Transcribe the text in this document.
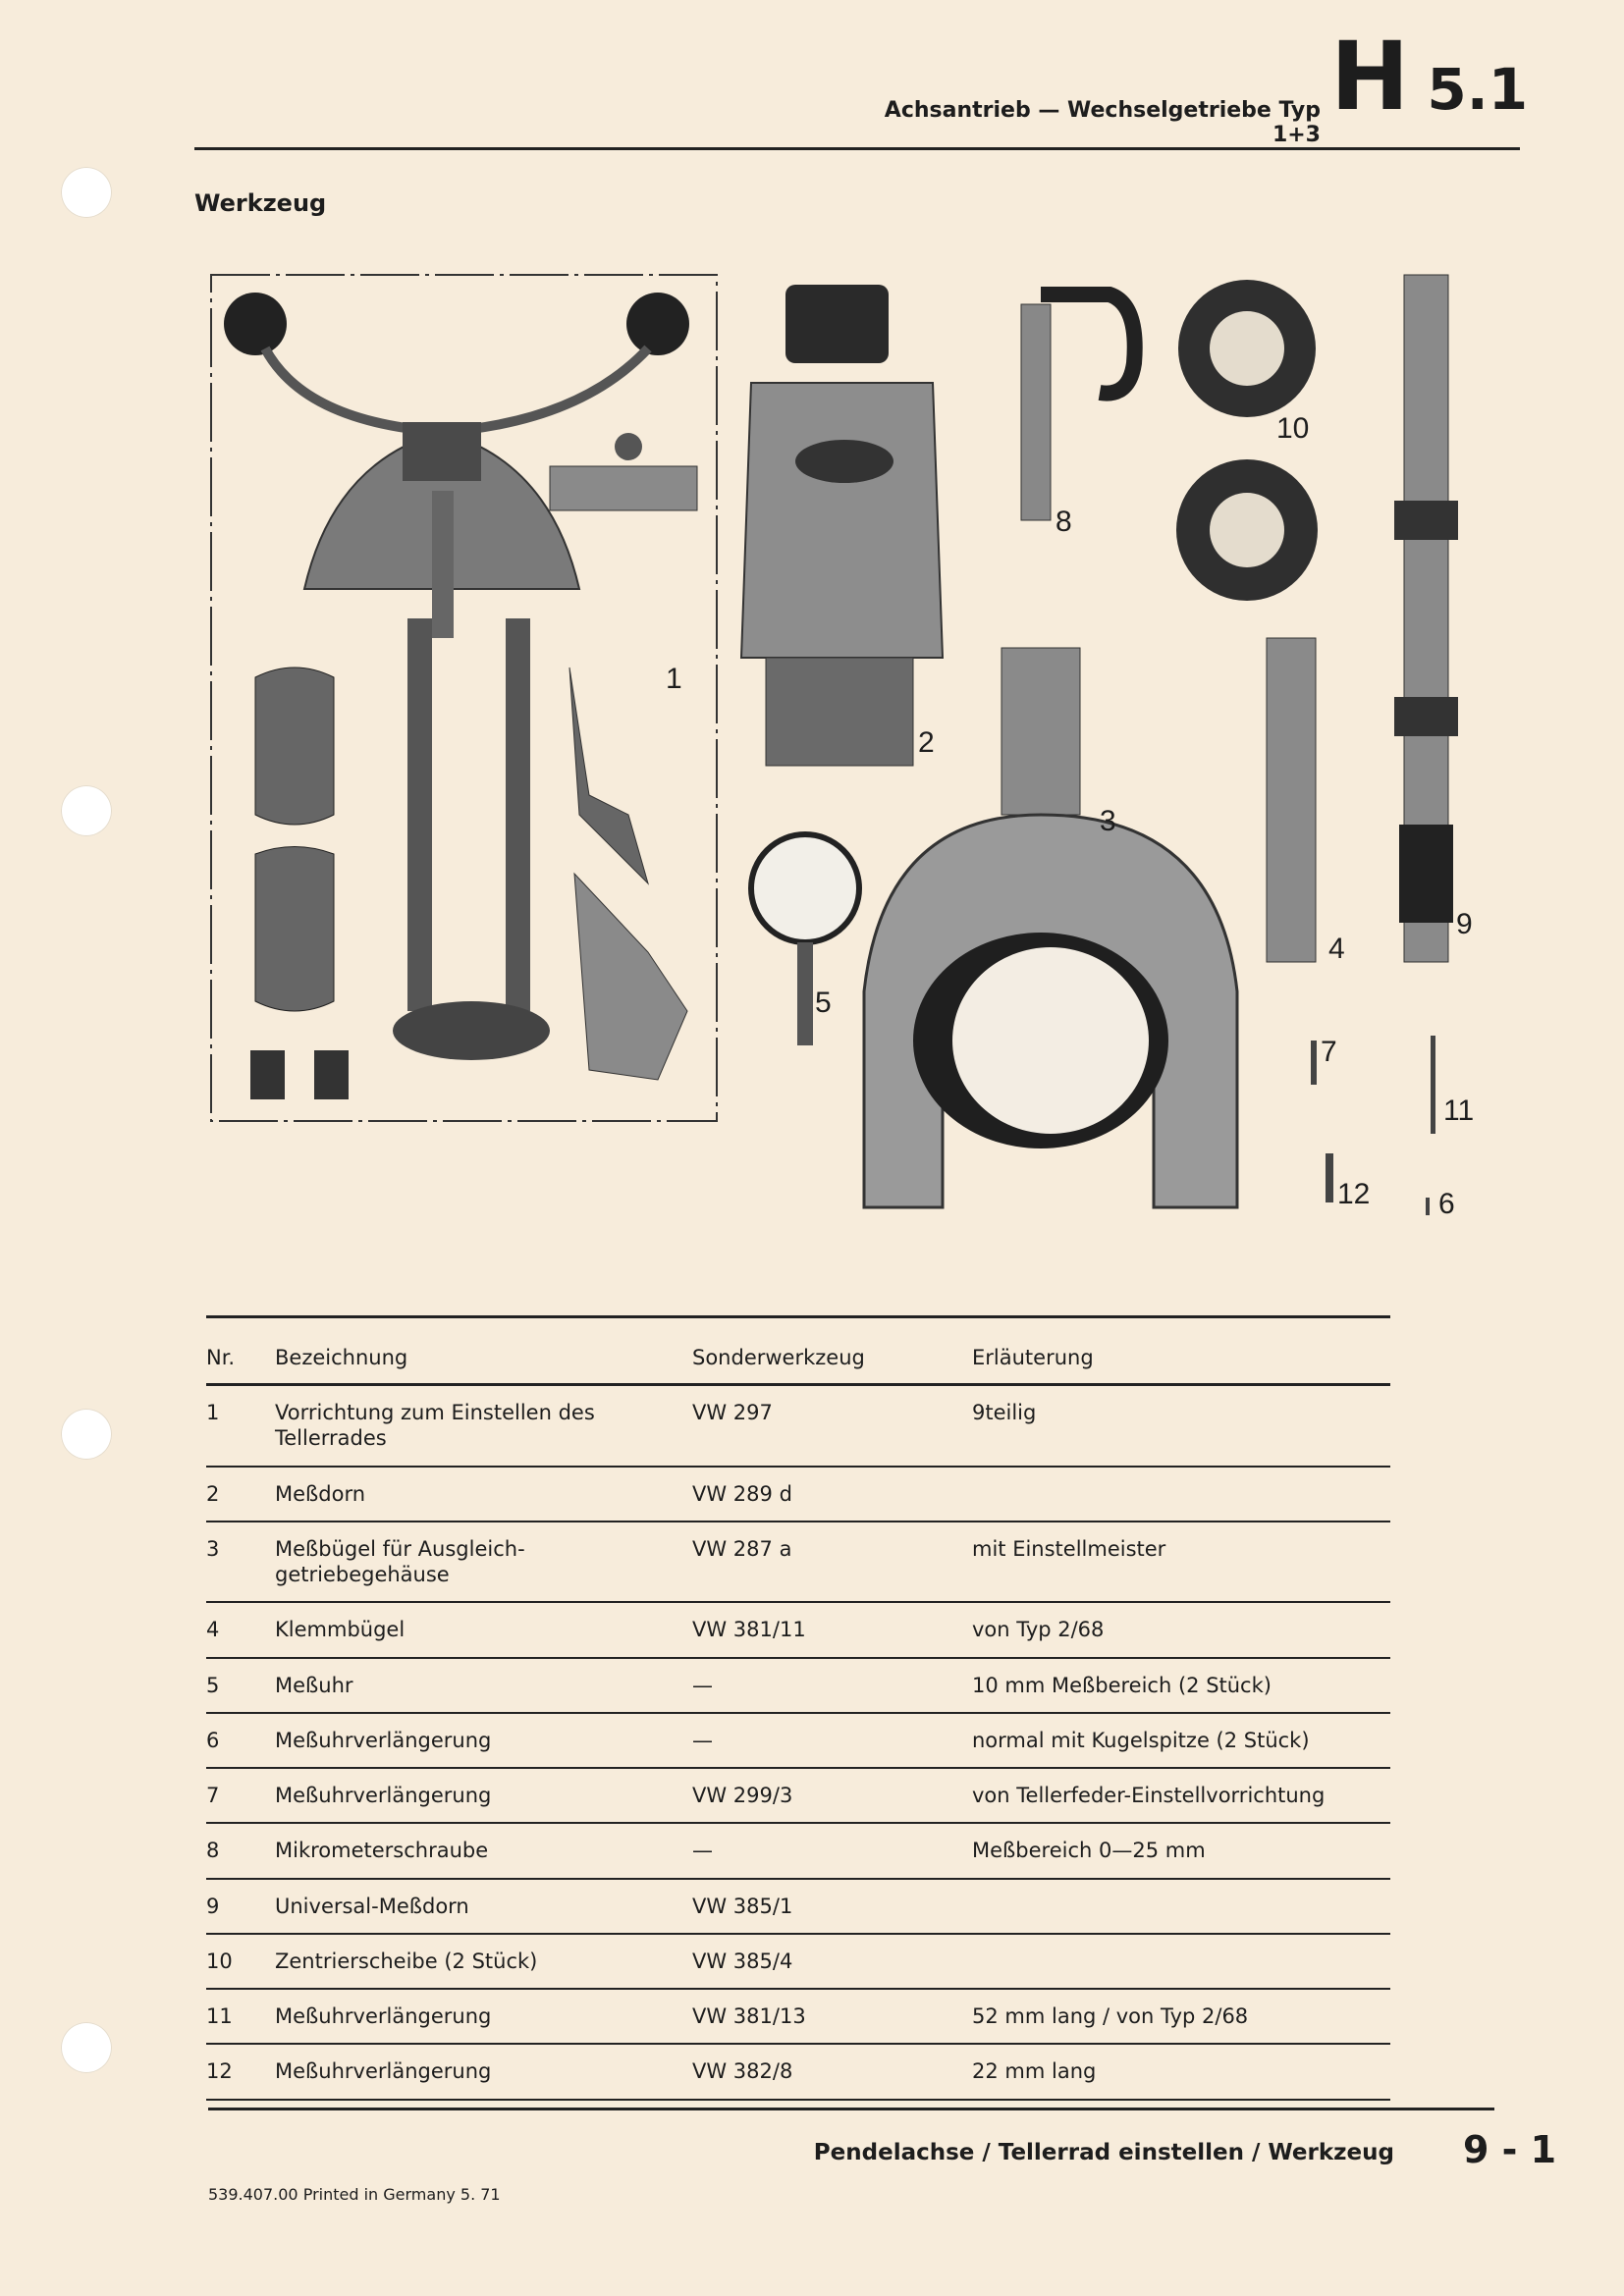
Achsantrieb — Wechselgetriebe Typ 1+3
H 5.1
Werkzeug
1
2
3
4
5
6
7
8
9
10
11
12
Nr.	Bezeichnung	Sonderwerkzeug	Erläuterung
1	Vorrichtung zum Einstellen des Tellerrades	VW 297	9teilig
2	Meßdorn	VW 289 d	
3	Meßbügel für Ausgleich-getriebegehäuse	VW 287 a	mit Einstellmeister
4	Klemmbügel	VW 381/11	von Typ 2/68
5	Meßuhr	—	10 mm Meßbereich (2 Stück)
6	Meßuhrverlängerung	—	normal mit Kugelspitze (2 Stück)
7	Meßuhrverlängerung	VW 299/3	von Tellerfeder-Einstellvorrichtung
8	Mikrometerschraube	—	Meßbereich 0—25 mm
9	Universal-Meßdorn	VW 385/1	
10	Zentrierscheibe (2 Stück)	VW 385/4	
11	Meßuhrverlängerung	VW 381/13	52 mm lang / von Typ 2/68
12	Meßuhrverlängerung	VW 382/8	22 mm lang
Pendelachse / Tellerrad einstellen / Werkzeug 9 - 1
539.407.00 Printed in Germany 5. 71
